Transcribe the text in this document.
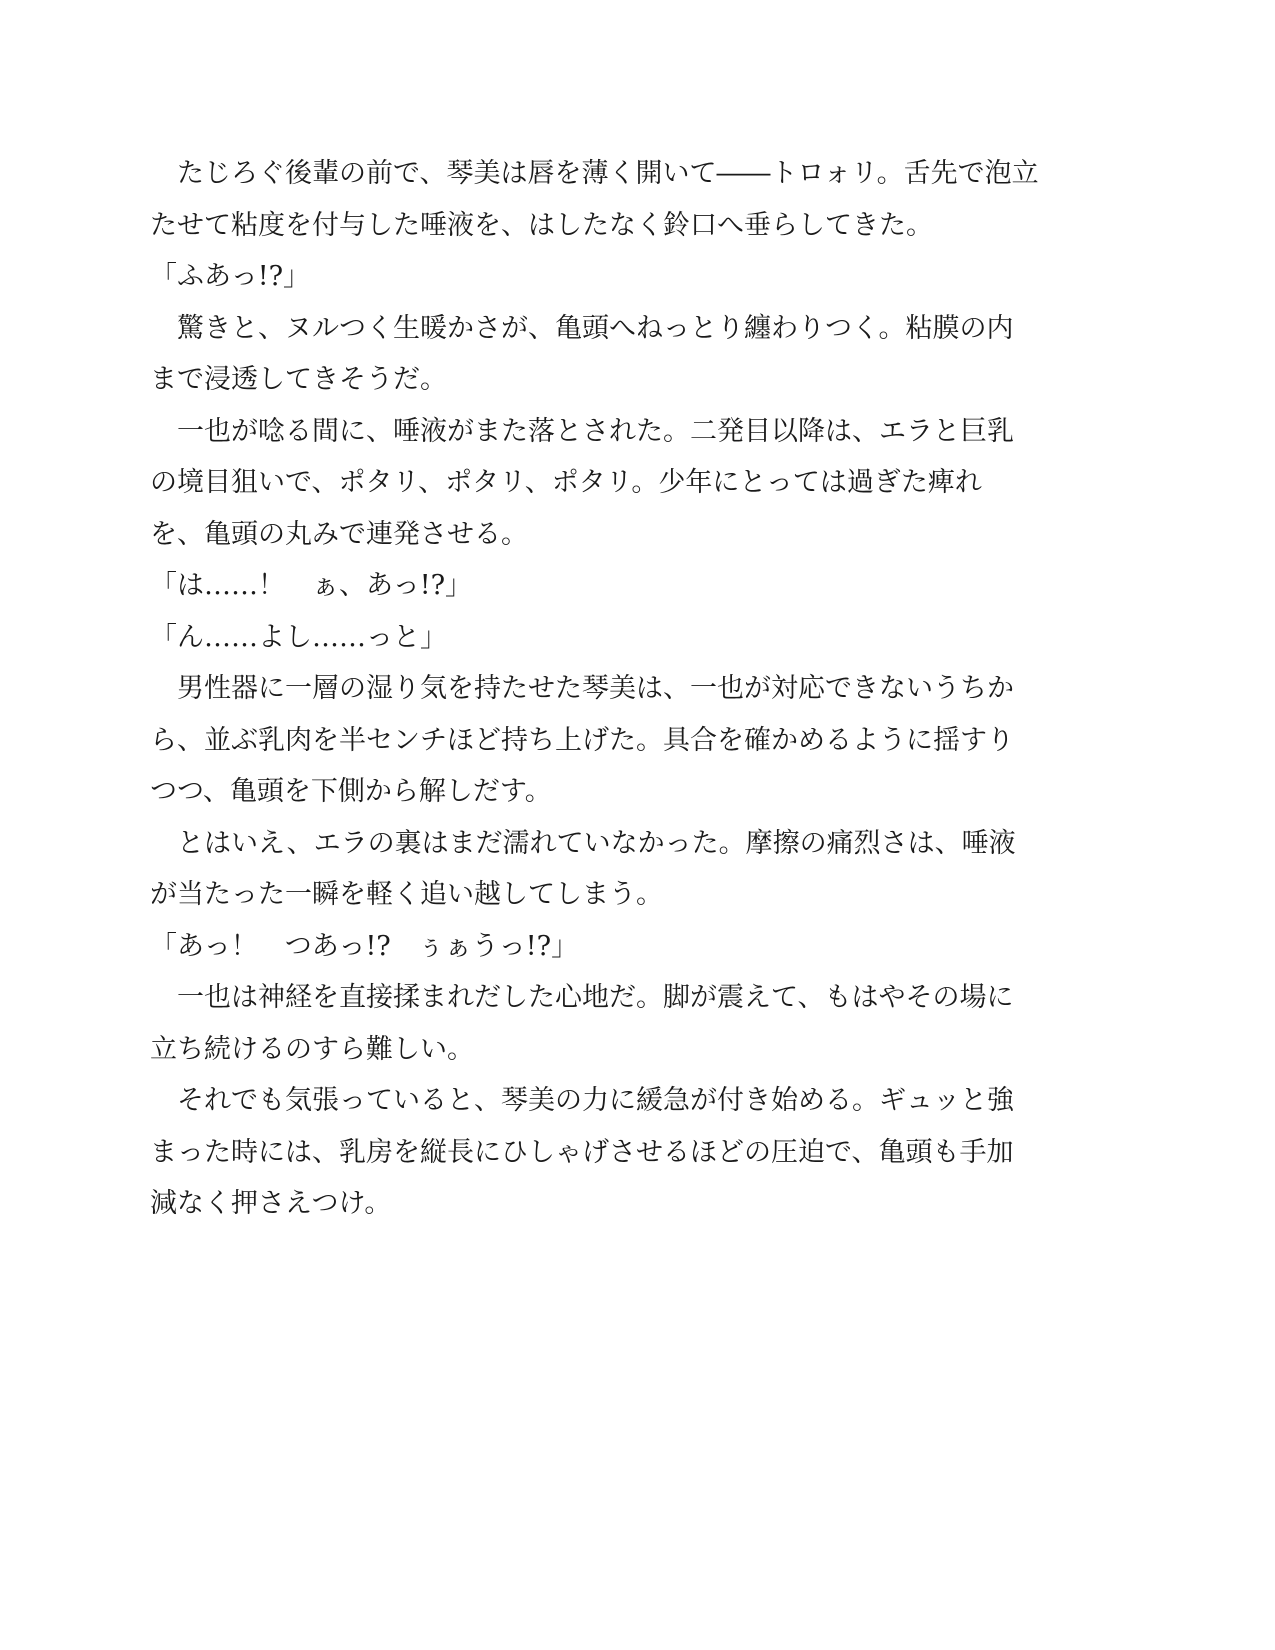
　たじろぐ後輩の前で、琴美は唇を薄く開いて――トロォリ。舌先で泡立
たせて粘度を付与した唾液を、はしたなく鈴口へ垂らしてきた。
「ふあっ!?」
　驚きと、ヌルつく生暖かさが、亀頭へねっとり纏わりつく。粘膜の内
まで浸透してきそうだ。
　一也が唸る間に、唾液がまた落とされた。二発目以降は、エラと巨乳
の境目狙いで、ポタリ、ポタリ、ポタリ。少年にとっては過ぎた痺れ
を、亀頭の丸みで連発させる。
「は……！　ぁ、あっ!?」
「ん……よし……っと」
　男性器に一層の湿り気を持たせた琴美は、一也が対応できないうちか
ら、並ぶ乳肉を半センチほど持ち上げた。具合を確かめるように揺すり
つつ、亀頭を下側から解しだす。
　とはいえ、エラの裏はまだ濡れていなかった。摩擦の痛烈さは、唾液
が当たった一瞬を軽く追い越してしまう。
「あっ！　つあっ!?　ぅぁうっ!?」
　一也は神経を直接揉まれだした心地だ。脚が震えて、もはやその場に
立ち続けるのすら難しい。
　それでも気張っていると、琴美の力に緩急が付き始める。ギュッと強
まった時には、乳房を縦長にひしゃげさせるほどの圧迫で、亀頭も手加
減なく押さえつけ。
